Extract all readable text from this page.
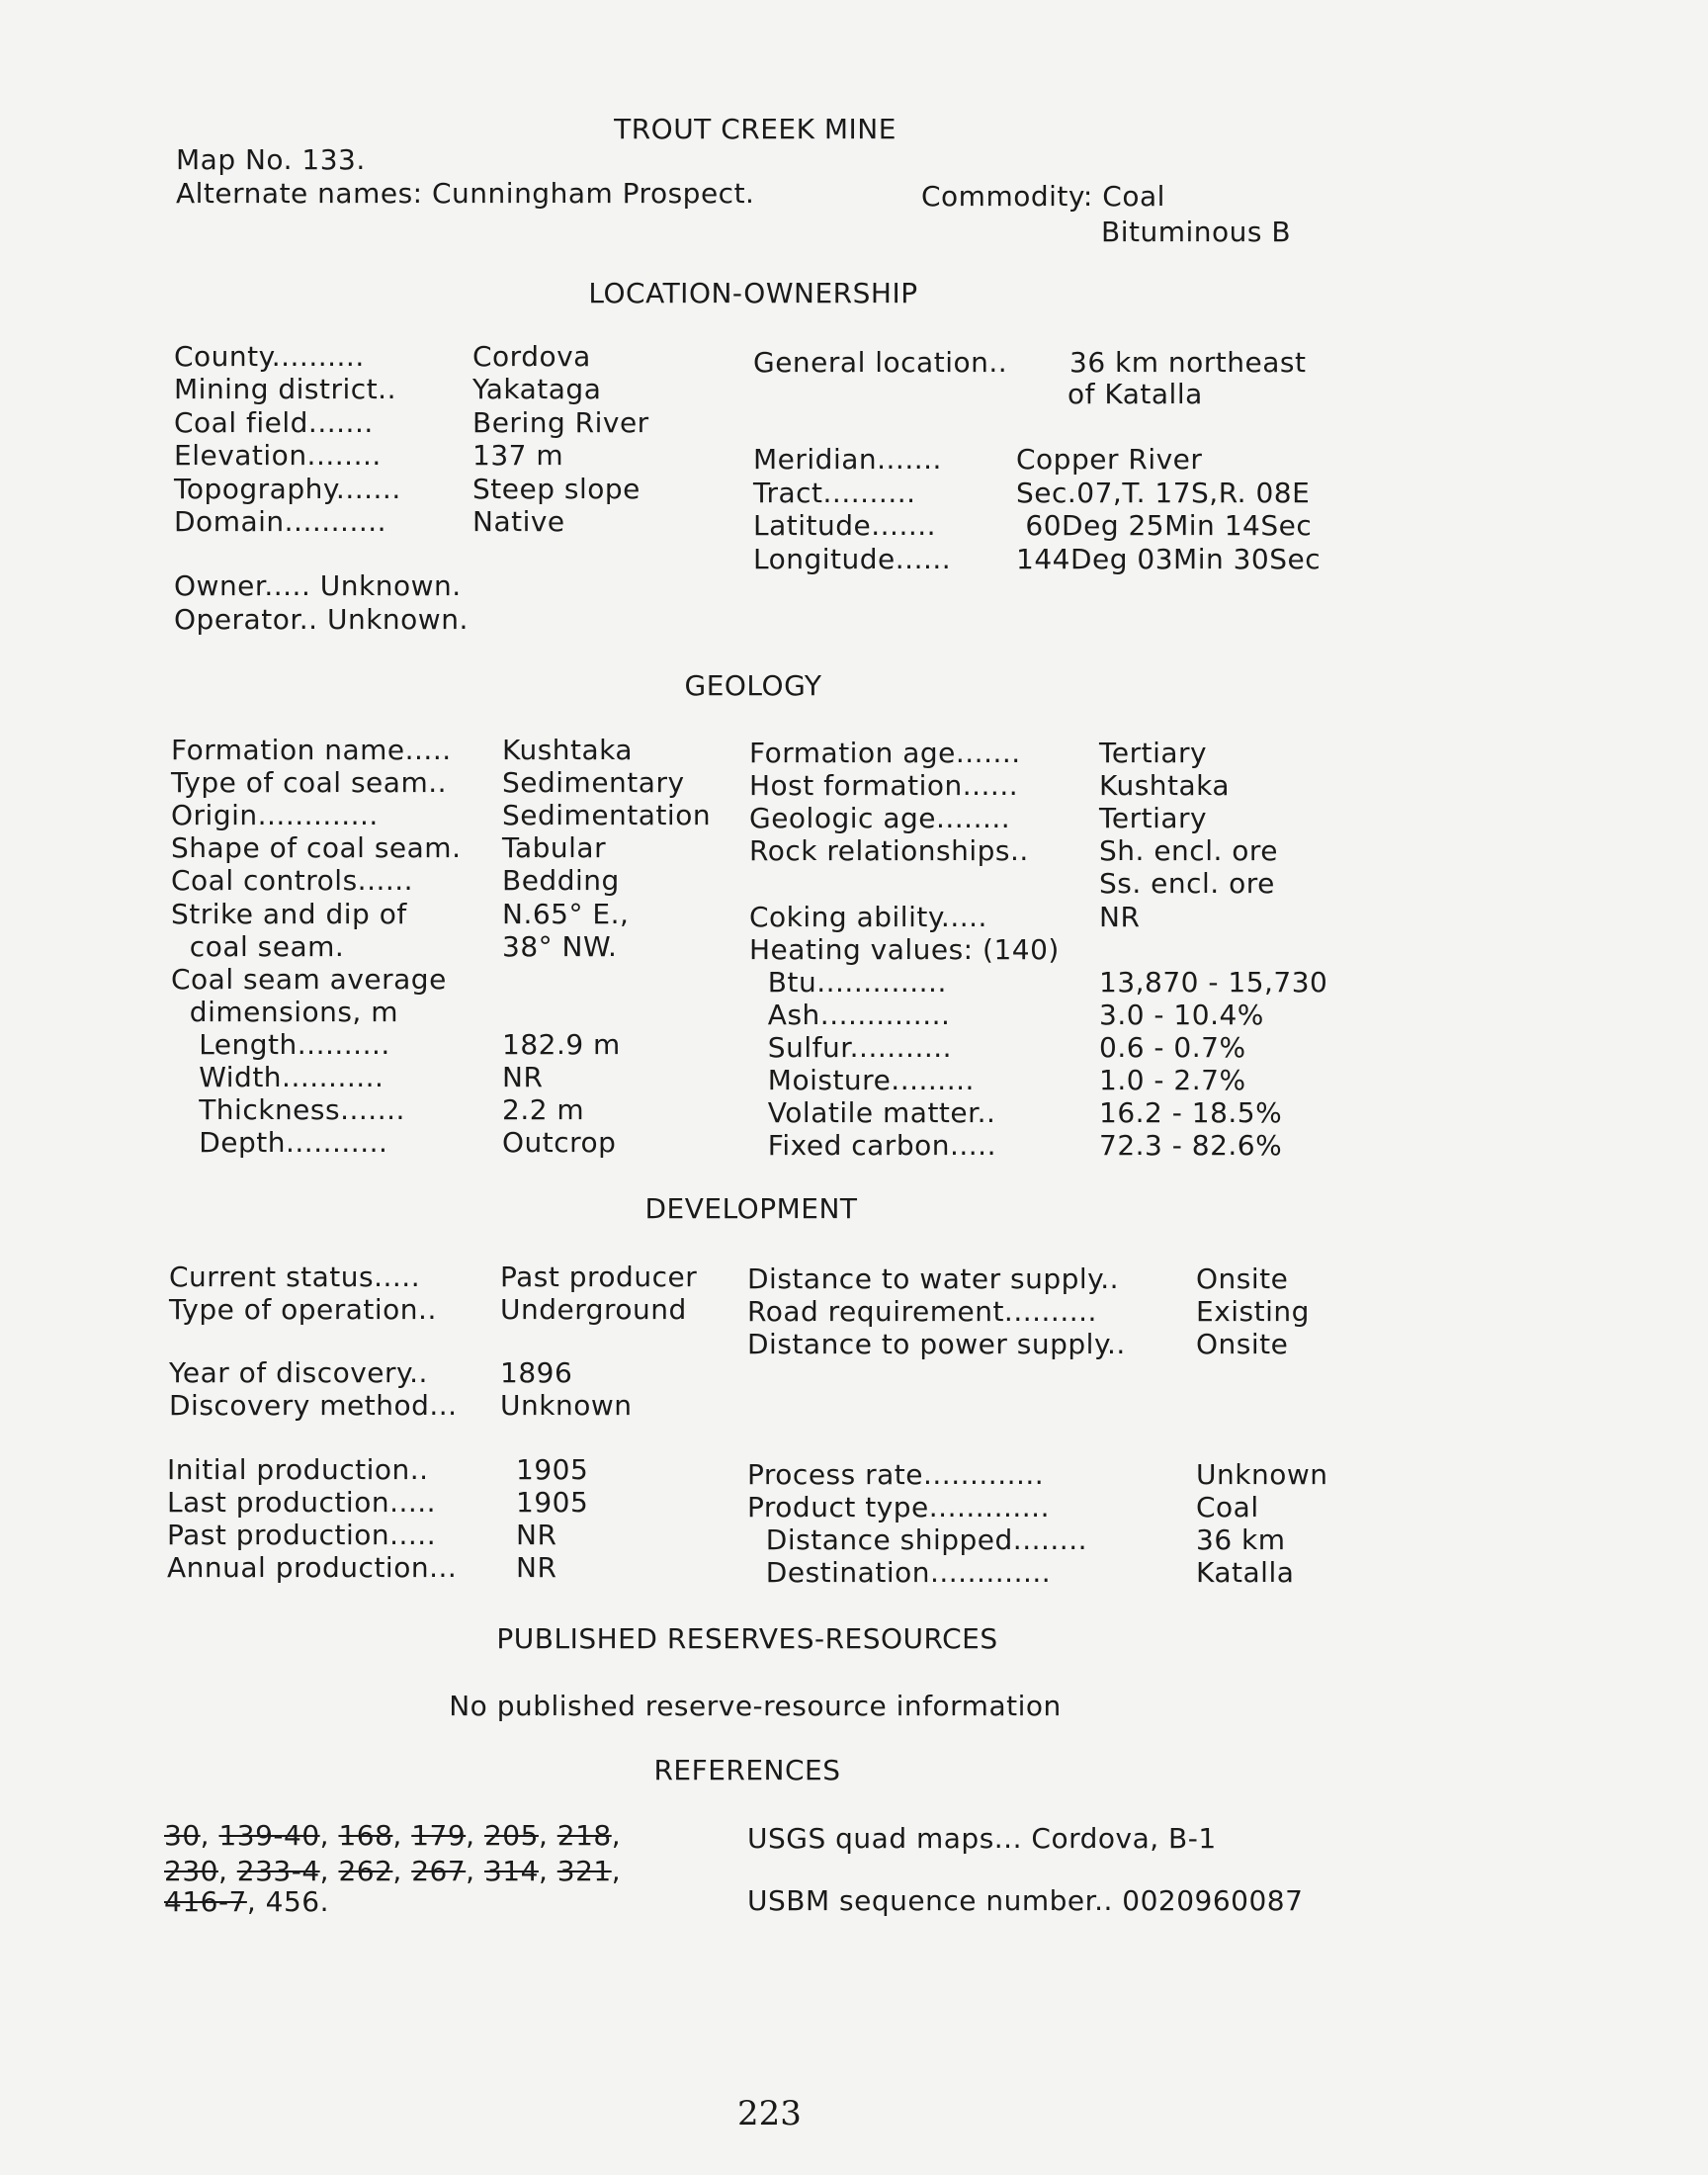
TROUT CREEK MINE
Map No. 133.
Alternate names: Cunningham Prospect.	Commodity: Coal
Bituminous B
LOCATION-OWNERSHIP
County..........	Cordova
Mining district..	Yakataga
Coal field.......	Bering River
Elevation........	137 m
Topography.......	Steep slope
Domain...........	Native
General location.. 36 km northeast
of Katalla
Meridian.......	Copper River
Tract..........	Sec.07,T. 17S,R. 08E
Latitude.......	60Deg 25Min 14Sec
Longitude...... 144Deg 03Min 30Sec
Owner..... Unknown.
Operator.. Unknown.
GEOLOGY
Formation name..... Kushtaka
Type of coal seam.. Sedimentary
Origin.............	Sedimentation
Shape of coal seam. Tabular
Coal controls......	Bedding
Strike and dip of	N.65° E.,
coal seam.	38° NW.
Coal seam average
dimensions, m
Length..........	182.9 m
Width...........	NR
Thickness.......	2.2 m
Depth...........	Outcrop
Formation age.......	Tertiary
Host formation......	Kushtaka
Geologic age........	Tertiary
Rock relationships..	Sh. encl. ore
Ss. encl. ore
Coking ability.....	NR
Heating values: (140)
Btu..............	13,870 - 15,730
Ash..............	3.0 - 10.4%
Sulfur...........	0.6 - 0.7%
Moisture.........	1.0 - 2.7%
Volatile matter..	16.2 - 18.5%
Fixed carbon.....	72.3 - 82.6%
DEVELOPMENT
Current status.....	Past producer
Type of operation.. Underground
Distance to water supply..	Onsite
Road requirement..........	Existing
Distance to power supply..	Onsite
Year of discovery..	1896
Discovery method... Unknown
Initial production..	1905
Last production.....	1905
Past production.....	NR
Annual production... NR
Process rate.............	Unknown
Product type.............	Coal
Distance shipped........	36 km
Destination.............	Katalla
PUBLISHED RESERVES-RESOURCES
No published reserve-resource information
REFERENCES
30, 139-40, 168, 179, 205, 218,
230, 233-4, 262, 267, 314, 321,
416-7, 456.
USGS quad maps... Cordova, B-1
USBM sequence number.. 0020960087
223
